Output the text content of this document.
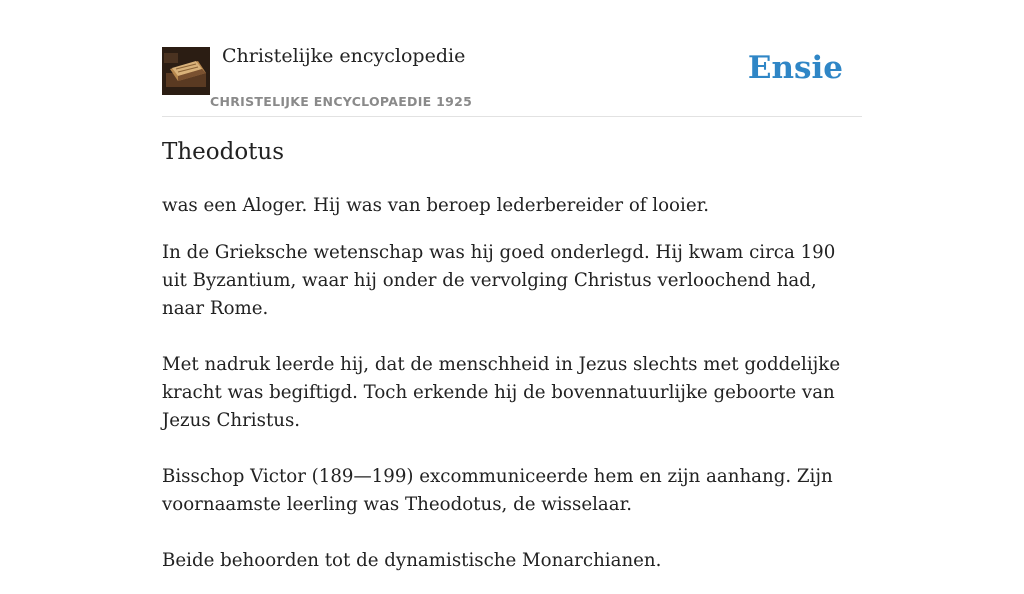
Christelijke encyclopedie
CHRISTELIJKE ENCYCLOPAEDIE 1925
Ensie
Theodotus

was een Aloger. Hij was van beroep lederbereider of looier.

In de Grieksche wetenschap was hij goed onderlegd. Hij kwam circa 190 uit Byzantium, waar hij onder de vervolging Christus verloochend had, naar Rome.

Met nadruk leerde hij, dat de menschheid in Jezus slechts met goddelijke kracht was begiftigd. Toch erkende hij de bovennatuurlijke geboorte van Jezus Christus.

Bisschop Victor (189—199) excommuniceerde hem en zijn aanhang. Zijn voornaamste leerling was Theodotus, de wisselaar.

Beide behoorden tot de dynamistische Monarchianen.
